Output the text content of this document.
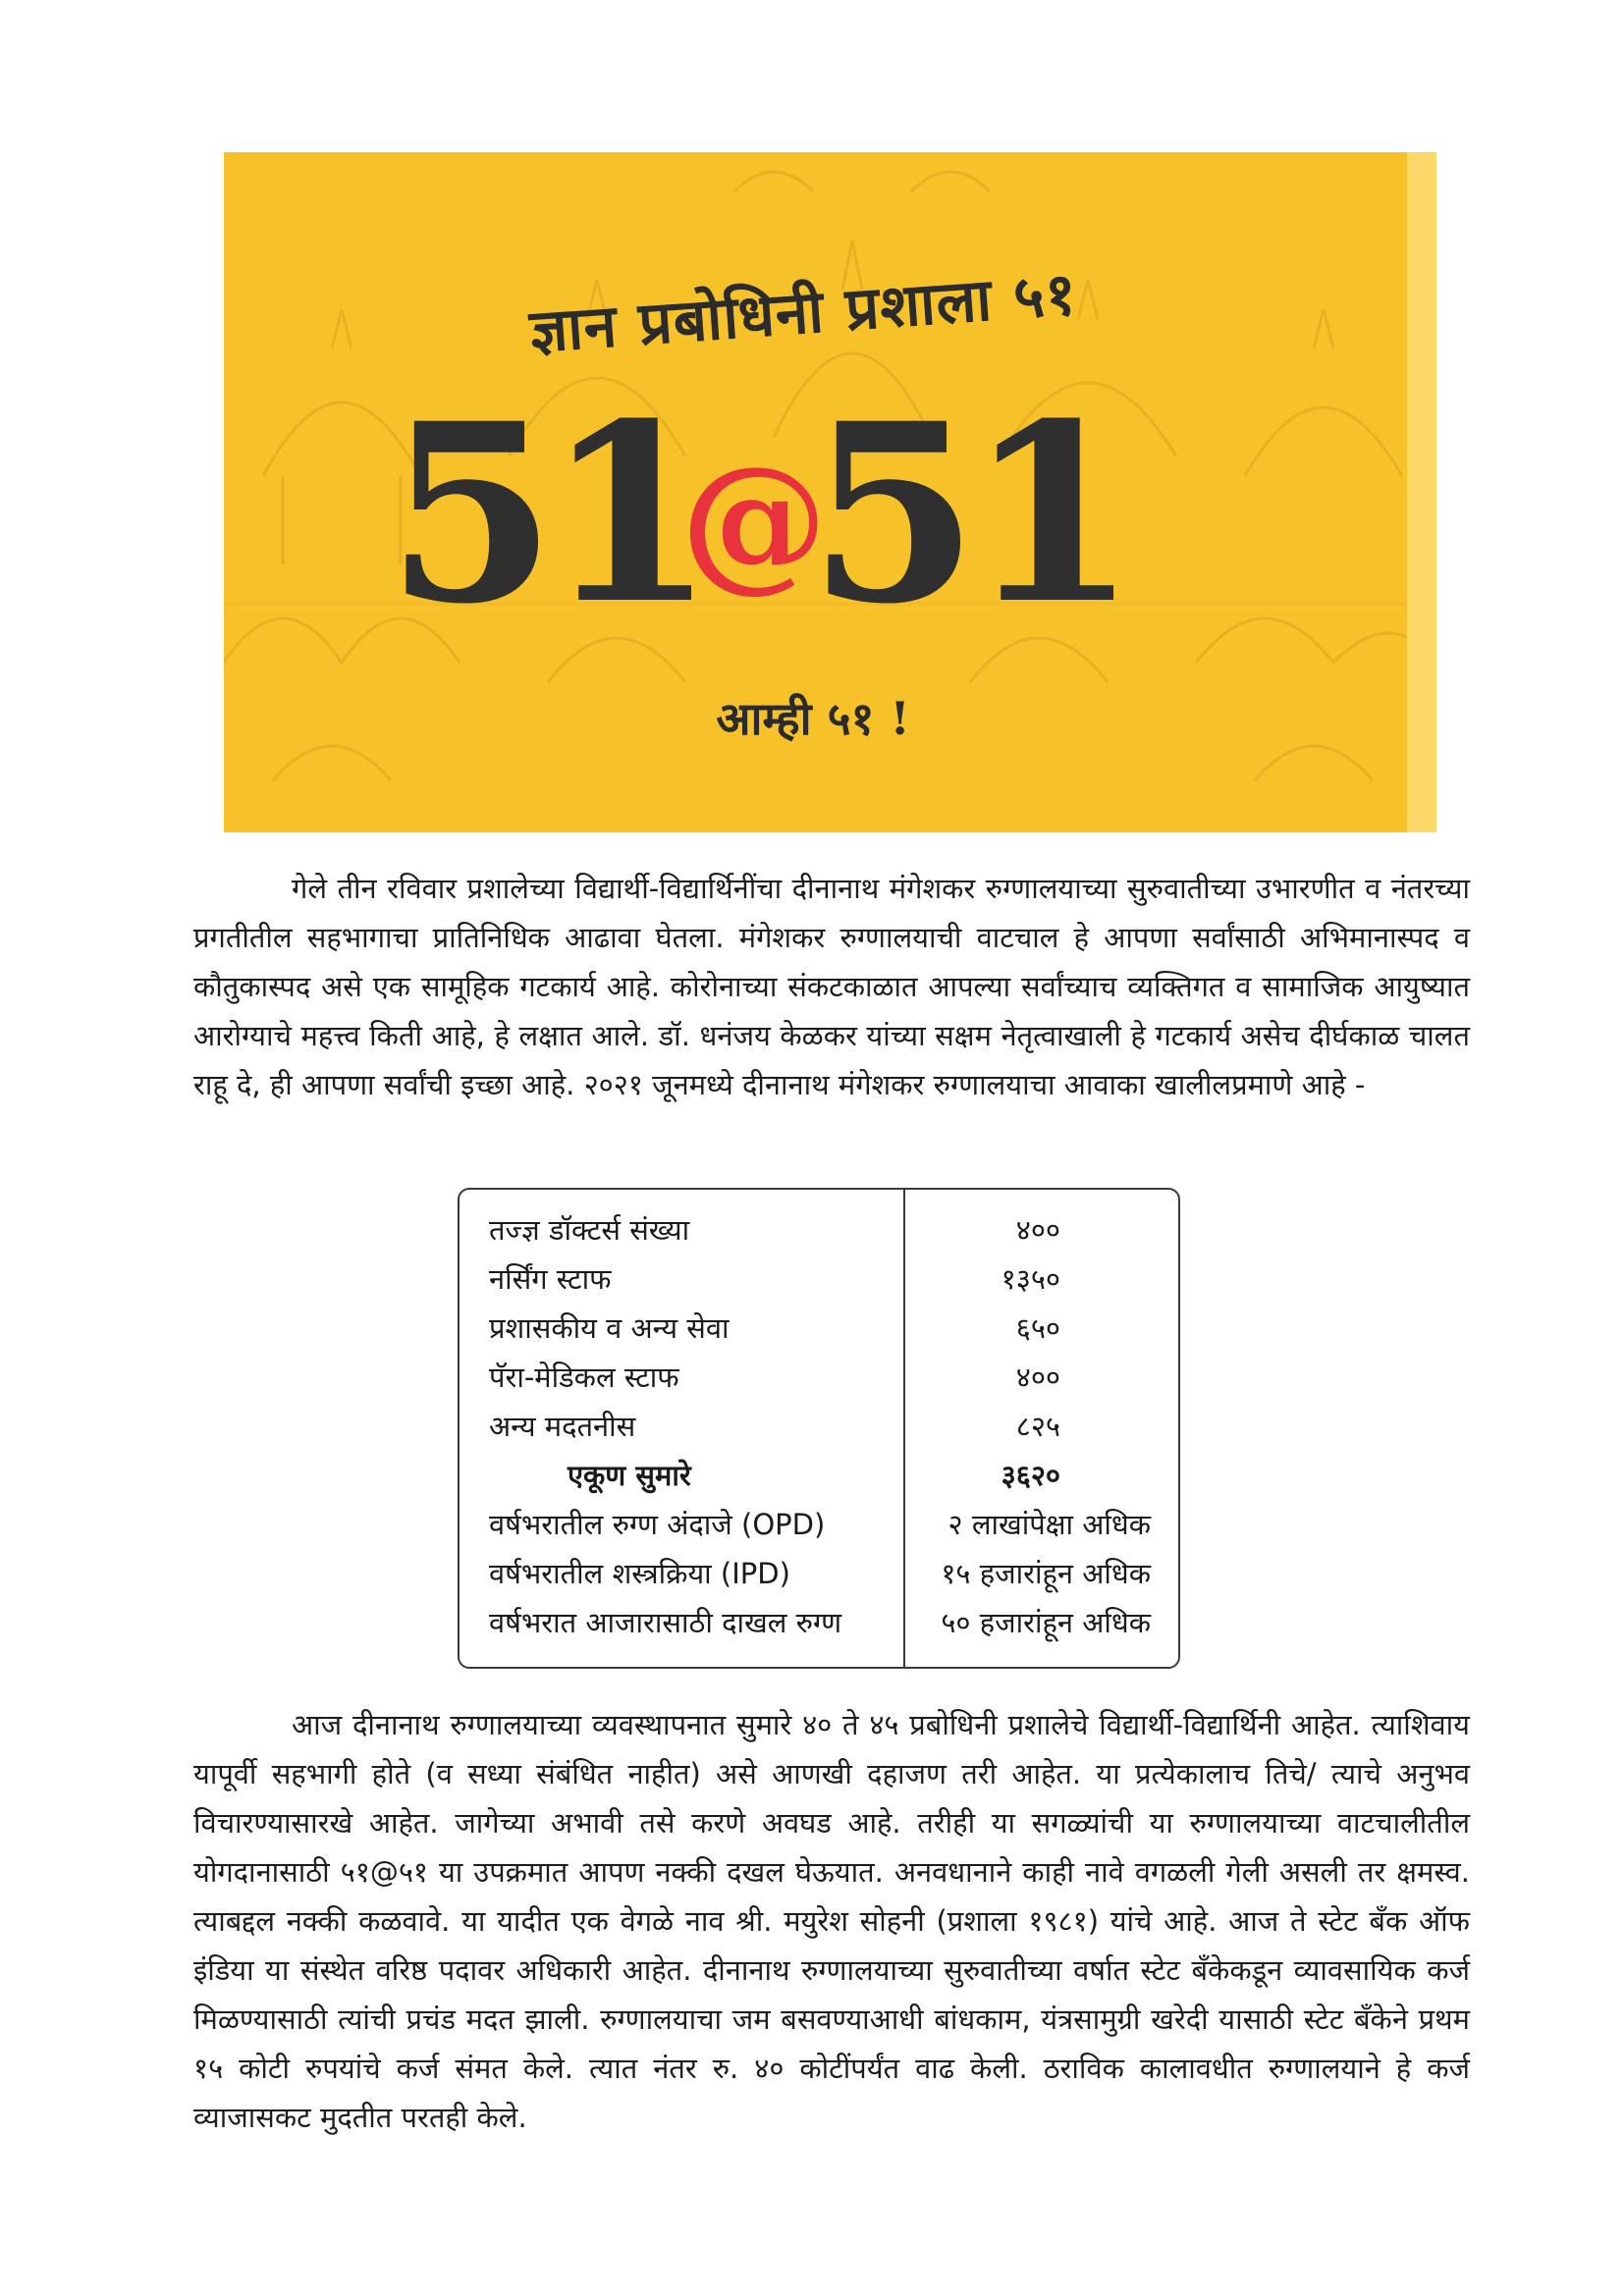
ज्ञान प्रबोधिनी प्रशाला ५१
51
@
51
आम्ही ५१ !

गेले तीन रविवार प्रशालेच्या विद्यार्थी-विद्यार्थिनींचा दीनानाथ मंगेशकर रुग्णालयाच्या सुरुवातीच्या उभारणीत व नंतरच्या प्रगतीतील सहभागाचा प्रातिनिधिक आढावा घेतला. मंगेशकर रुग्णालयाची वाटचाल हे आपणा सर्वांसाठी अभिमानास्पद व कौतुकास्पद असे एक सामूहिक गटकार्य आहे. कोरोनाच्या संकटकाळात आपल्या सर्वांच्याच व्यक्तिगत व सामाजिक आयुष्यात आरोग्याचे महत्त्व किती आहे, हे लक्षात आले. डॉ. धनंजय केळकर यांच्या सक्षम नेतृत्वाखाली हे गटकार्य असेच दीर्घकाळ चालत राहू दे, ही आपणा सर्वांची इच्छा आहे. २०२१ जूनमध्ये दीनानाथ मंगेशकर रुग्णालयाचा आवाका खालीलप्रमाणे आहे -

तज्ज्ञ डॉक्टर्स संख्या	४००
नर्सिंग स्टाफ	१३५०
प्रशासकीय व अन्य सेवा	६५०
पॅरा-मेडिकल स्टाफ	४००
अन्य मदतनीस	८२५
एकूण सुमारे	३६२०
वर्षभरातील रुग्ण अंदाजे (OPD)	२ लाखांपेक्षा अधिक
वर्षभरातील शस्त्रक्रिया (IPD)	१५ हजारांहून अधिक
वर्षभरात आजारासाठी दाखल रुग्ण	५० हजारांहून अधिक

आज दीनानाथ रुग्णालयाच्या व्यवस्थापनात सुमारे ४० ते ४५ प्रबोधिनी प्रशालेचे विद्यार्थी-विद्यार्थिनी आहेत. त्याशिवाय यापूर्वी सहभागी होते (व सध्या संबंधित नाहीत) असे आणखी दहाजण तरी आहेत. या प्रत्येकालाच तिचे/ त्याचे अनुभव विचारण्यासारखे आहेत. जागेच्या अभावी तसे करणे अवघड आहे. तरीही या सगळ्यांची या रुग्णालयाच्या वाटचालीतील योगदानासाठी ५१@५१ या उपक्रमात आपण नक्की दखल घेऊयात. अनवधानाने काही नावे वगळली गेली असली तर क्षमस्व. त्याबद्दल नक्की कळवावे. या यादीत एक वेगळे नाव श्री. मयुरेश सोहनी (प्रशाला १९८१) यांचे आहे. आज ते स्टेट बँक ऑफ इंडिया या संस्थेत वरिष्ठ पदावर अधिकारी आहेत. दीनानाथ रुग्णालयाच्या सुरुवातीच्या वर्षात स्टेट बँकेकडून व्यावसायिक कर्ज मिळण्यासाठी त्यांची प्रचंड मदत झाली. रुग्णालयाचा जम बसवण्याआधी बांधकाम, यंत्रसामुग्री खरेदी यासाठी स्टेट बँकेने प्रथम १५ कोटी रुपयांचे कर्ज संमत केले. त्यात नंतर रु. ४० कोटींपर्यंत वाढ केली. ठराविक कालावधीत रुग्णालयाने हे कर्ज व्याजासकट मुदतीत परतही केले.
